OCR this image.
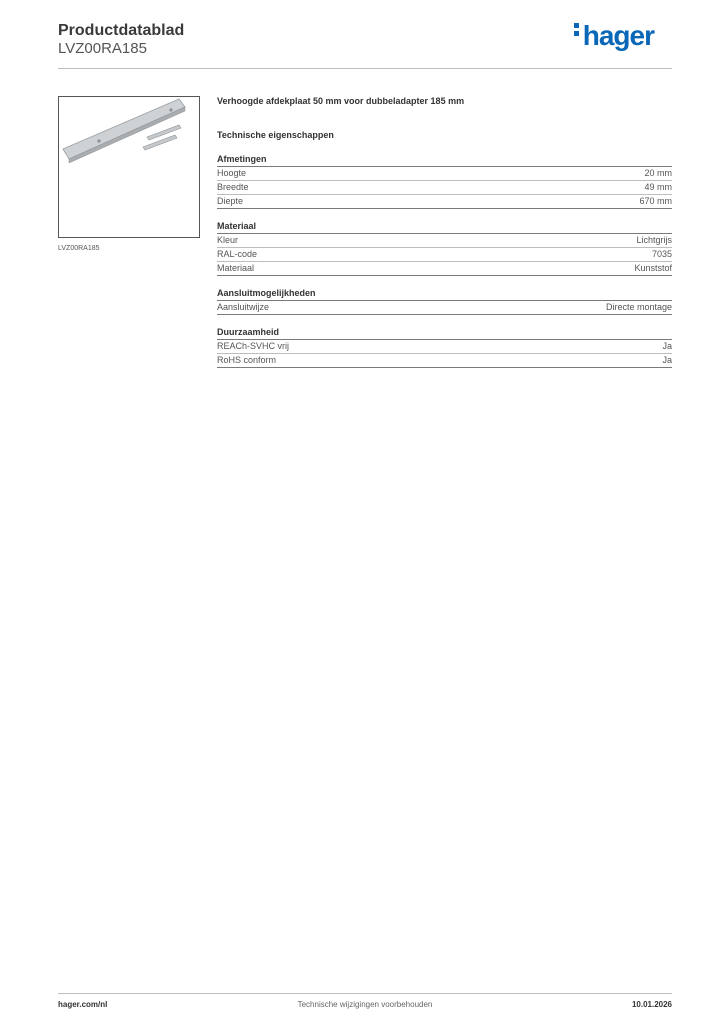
Productdatablad
LVZ00RA185	hager
LVZ00RA185
Verhoogde afdekplaat 50 mm voor dubbeladapter 185 mm
Technische eigenschappen
Afmetingen
Hoogte	20 mm
Breedte	49 mm
Diepte	670 mm
Materiaal
Kleur	Lichtgrijs
RAL-code	7035
Materiaal	Kunststof
Aansluitmogelijkheden
Aansluitwijze	Directe montage
Duurzaamheid
REACh-SVHC vrij	Ja
RoHS conform	Ja
hager.com/nl	Technische wijzigingen voorbehouden	10.01.2026
